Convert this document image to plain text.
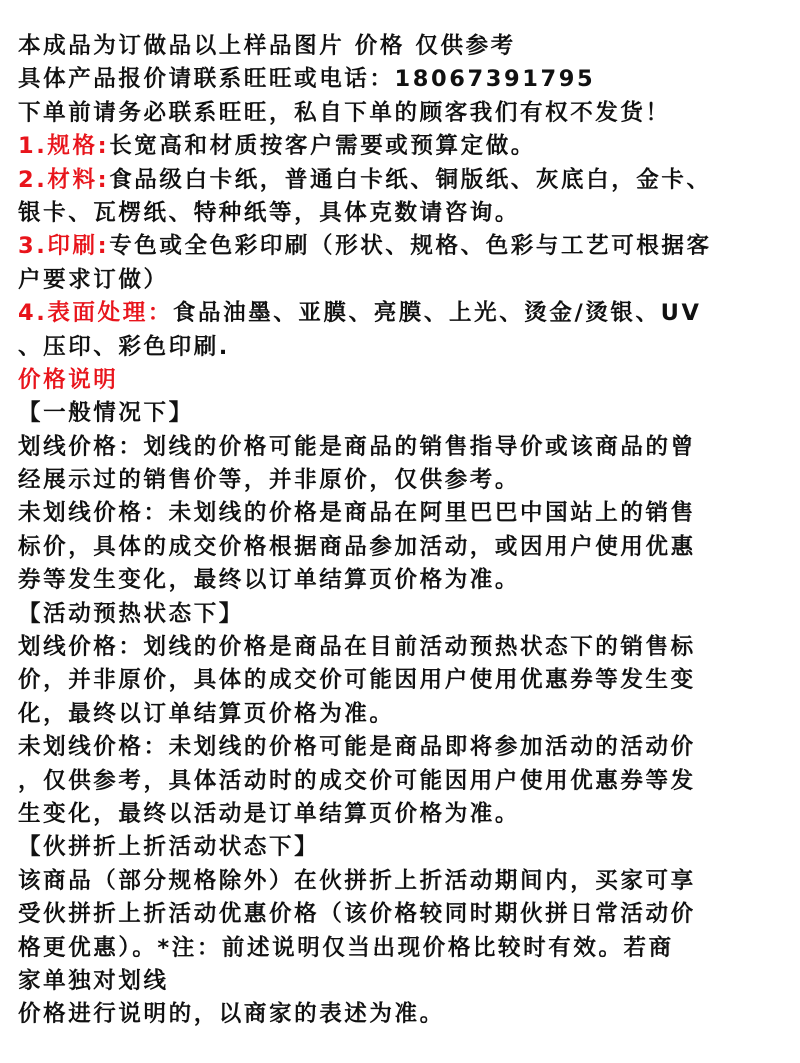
本成品为订做品以上样品图片 价格 仅供参考
具体产品报价请联系旺旺或电话：18067391795
下单前请务必联系旺旺，私自下单的顾客我们有权不发货！
1.规格:长宽高和材质按客户需要或预算定做。
2.材料:食品级白卡纸，普通白卡纸、铜版纸、灰底白，金卡、
银卡、瓦楞纸、特种纸等，具体克数请咨询。
3.印刷:专色或全色彩印刷（形状、规格、色彩与工艺可根据客
户要求订做）
4.表面处理：食品油墨、亚膜、亮膜、上光、烫金/烫银、UV
、压印、彩色印刷.
价格说明
【一般情况下】
划线价格：划线的价格可能是商品的销售指导价或该商品的曾
经展示过的销售价等，并非原价，仅供参考。
未划线价格：未划线的价格是商品在阿里巴巴中国站上的销售
标价，具体的成交价格根据商品参加活动，或因用户使用优惠
券等发生变化，最终以订单结算页价格为准。
【活动预热状态下】
划线价格：划线的价格是商品在目前活动预热状态下的销售标
价，并非原价，具体的成交价可能因用户使用优惠券等发生变
化，最终以订单结算页价格为准。
未划线价格：未划线的价格可能是商品即将参加活动的活动价
，仅供参考，具体活动时的成交价可能因用户使用优惠券等发
生变化，最终以活动是订单结算页价格为准。
【伙拼折上折活动状态下】
该商品（部分规格除外）在伙拼折上折活动期间内，买家可享
受伙拼折上折活动优惠价格（该价格较同时期伙拼日常活动价
格更优惠）。*注：前述说明仅当出现价格比较时有效。若商
家单独对划线
价格进行说明的，以商家的表述为准。
